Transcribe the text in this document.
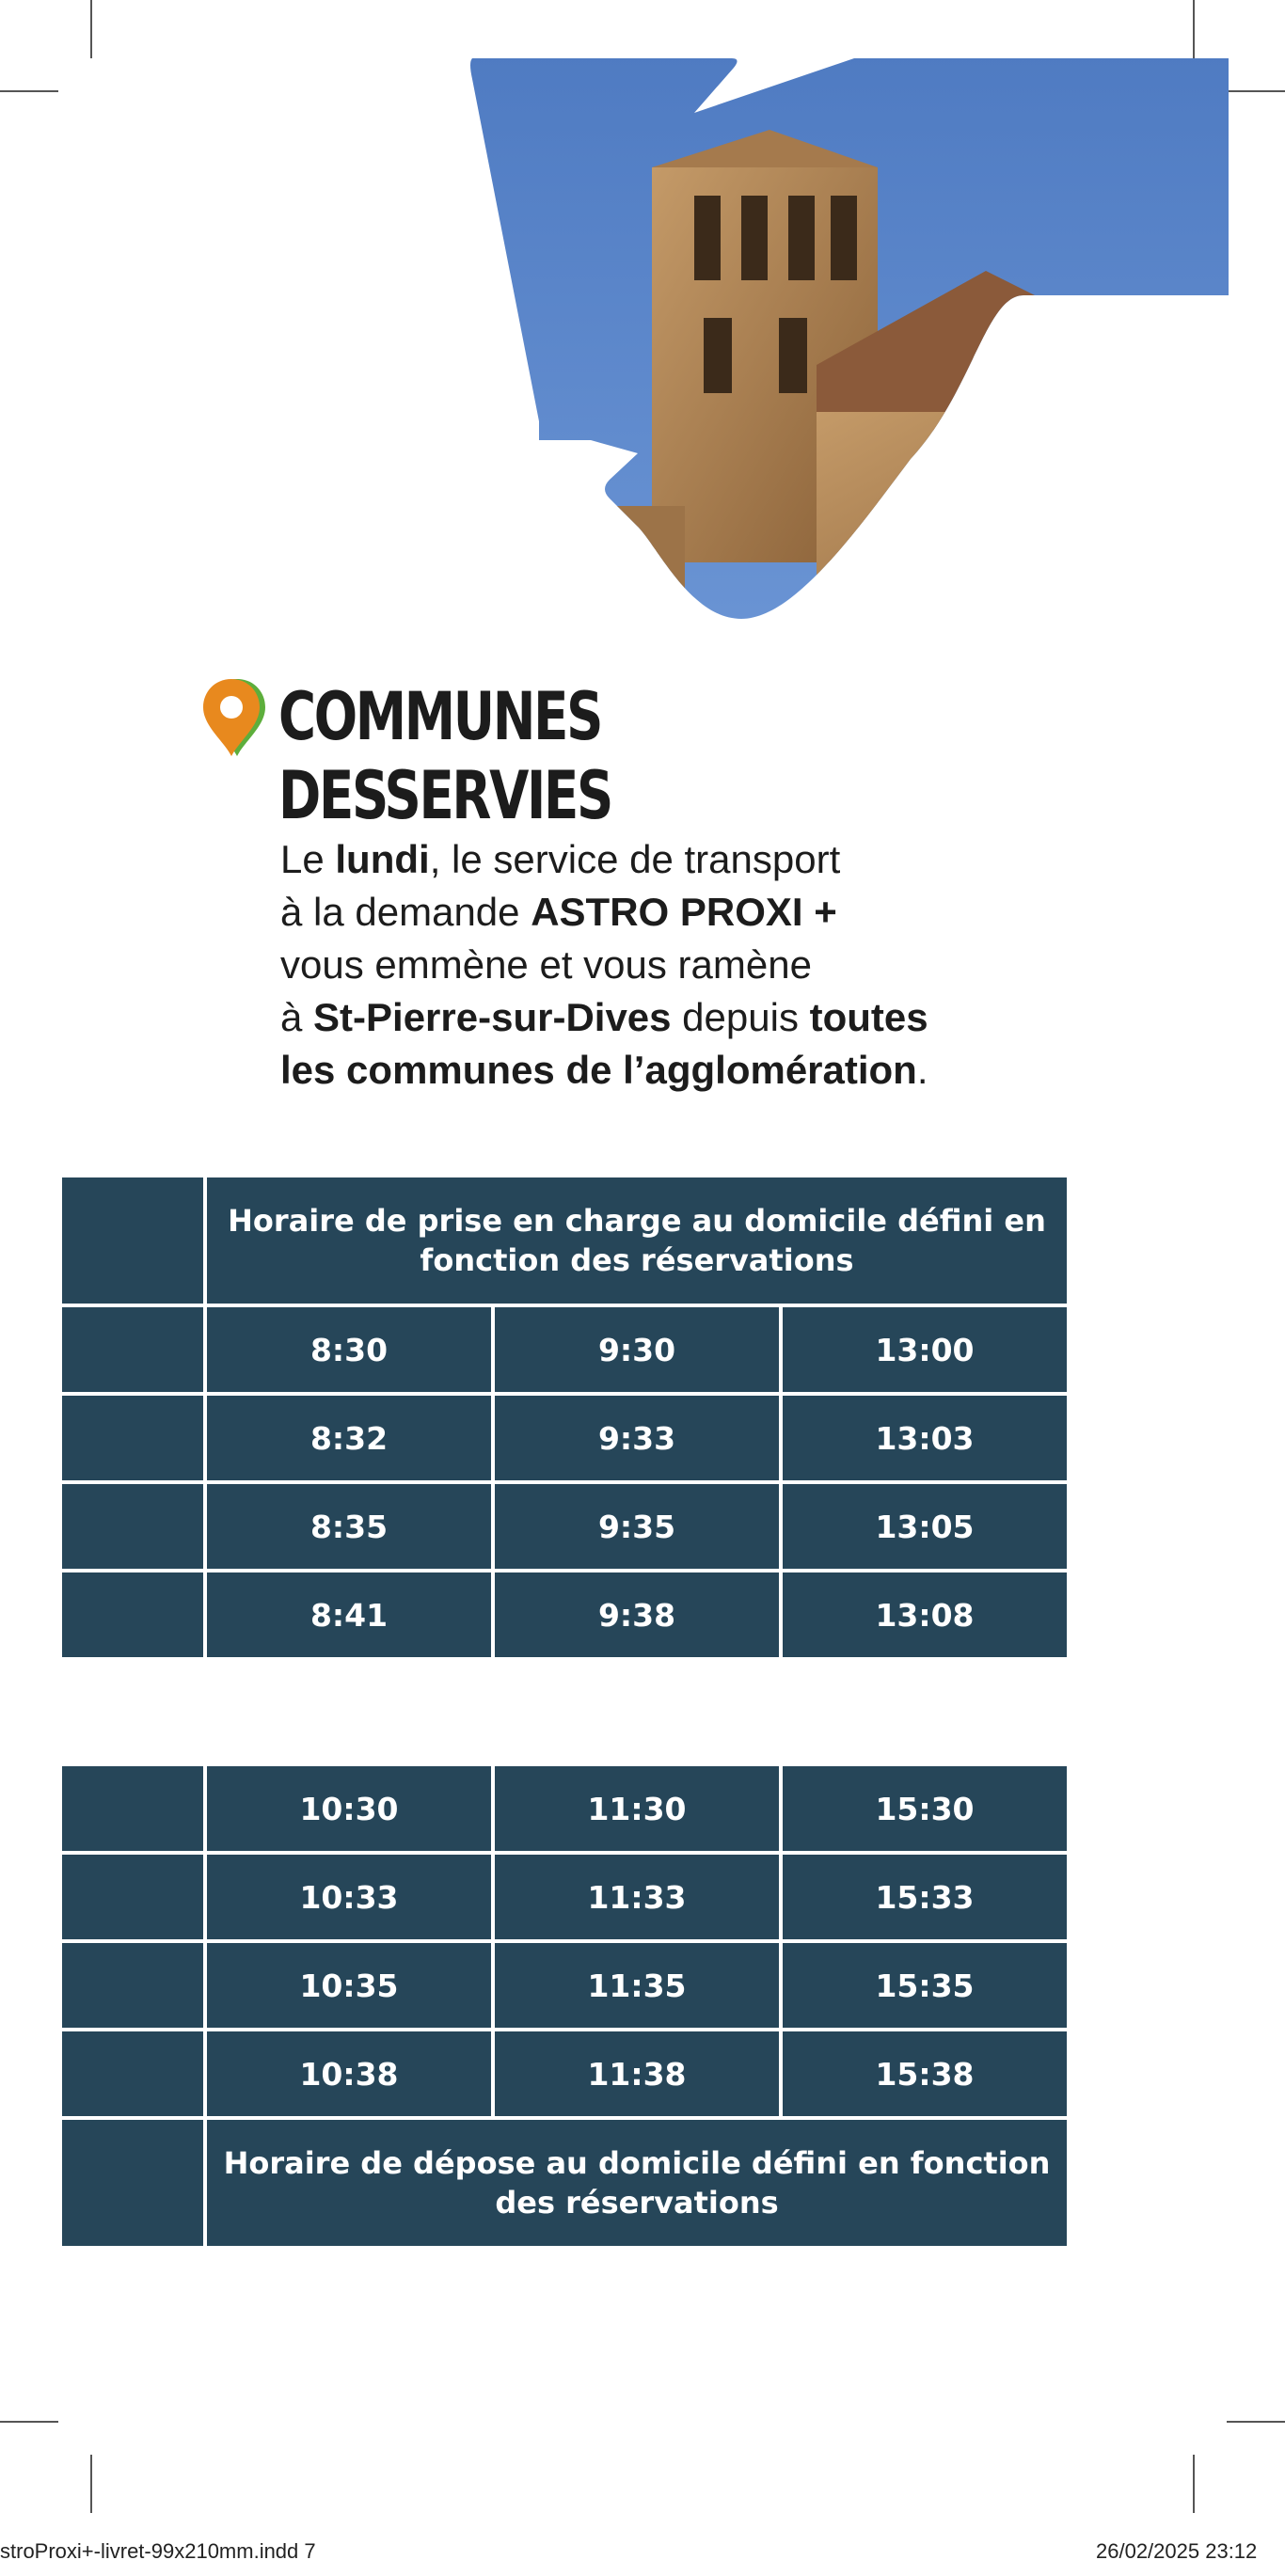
COMMUNES
DESSERVIES

Le lundi, le service de transport

à la demande ASTRO PROXI +

vous emmène et vous ramène

à St-Pierre-sur-Dives depuis toutes

les communes de l’agglomération.

	Horaire de prise en charge au domicile défini en fonction des réservations		
	8:30	9:30	13:00
	8:32	9:33	13:03
	8:35	9:35	13:05
	8:41	9:38	13:08
	10:30	11:30	15:30
	10:33	11:33	15:33
	10:35	11:35	15:35
	10:38	11:38	15:38
	Horaire de dépose au domicile défini en fonction des réservations		
stroProxi+-livret-99x210mm.indd 7	26/02/2025 23:12
